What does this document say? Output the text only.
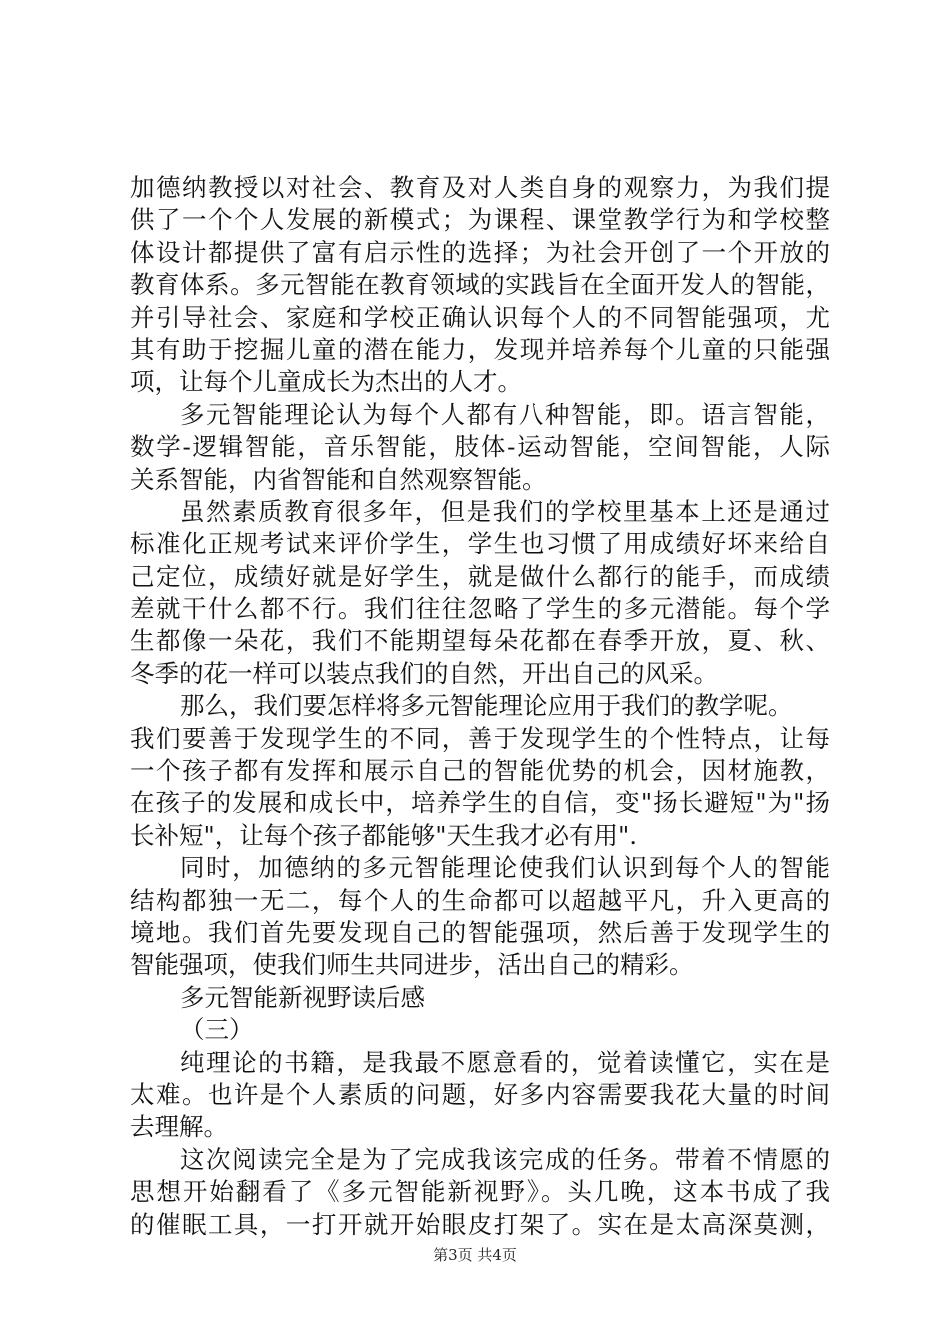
加德纳教授以对社会、教育及对人类自身的观察力，为我们提
供了一个个人发展的新模式；为课程、课堂教学行为和学校整
体设计都提供了富有启示性的选择；为社会开创了一个开放的
教育体系。多元智能在教育领域的实践旨在全面开发人的智能，
并引导社会、家庭和学校正确认识每个人的不同智能强项，尤
其有助于挖掘儿童的潜在能力，发现并培养每个儿童的只能强
项，让每个儿童成长为杰出的人才。
多元智能理论认为每个人都有八种智能，即。语言智能，
数学-逻辑智能，音乐智能，肢体-运动智能，空间智能，人际
关系智能，内省智能和自然观察智能。
虽然素质教育很多年，但是我们的学校里基本上还是通过
标准化正规考试来评价学生，学生也习惯了用成绩好坏来给自
己定位，成绩好就是好学生，就是做什么都行的能手，而成绩
差就干什么都不行。我们往往忽略了学生的多元潜能。每个学
生都像一朵花，我们不能期望每朵花都在春季开放，夏、秋、
冬季的花一样可以装点我们的自然，开出自己的风采。
那么，我们要怎样将多元智能理论应用于我们的教学呢。
我们要善于发现学生的不同，善于发现学生的个性特点，让每
一个孩子都有发挥和展示自己的智能优势的机会，因材施教，
在孩子的发展和成长中，培养学生的自信，变"扬长避短"为"扬
长补短"，让每个孩子都能够"天生我才必有用".
同时，加德纳的多元智能理论使我们认识到每个人的智能
结构都独一无二，每个人的生命都可以超越平凡，升入更高的
境地。我们首先要发现自己的智能强项，然后善于发现学生的
智能强项，使我们师生共同进步，活出自己的精彩。
多元智能新视野读后感
（三）
纯理论的书籍，是我最不愿意看的，觉着读懂它，实在是
太难。也许是个人素质的问题，好多内容需要我花大量的时间
去理解。
这次阅读完全是为了完成我该完成的任务。带着不情愿的
思想开始翻看了《多元智能新视野》。头几晚，这本书成了我
的催眠工具，一打开就开始眼皮打架了。实在是太高深莫测，
第3页 共4页
